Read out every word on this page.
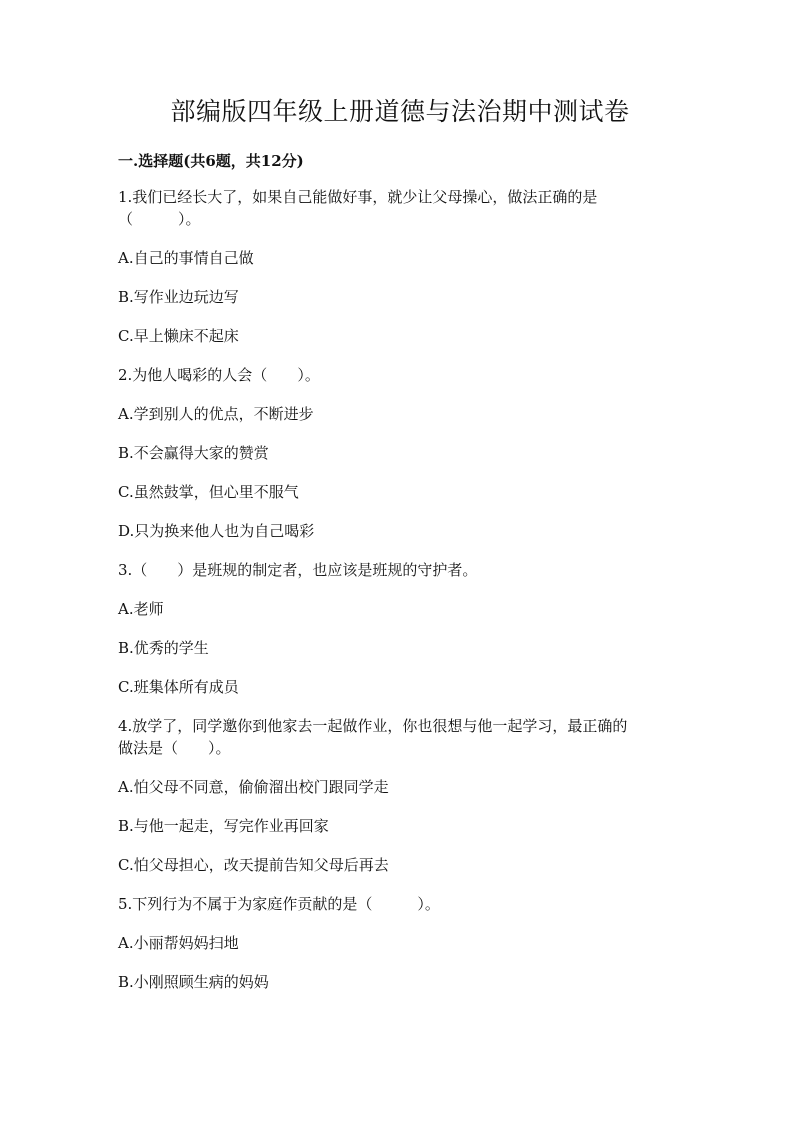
部编版四年级上册道德与法治期中测试卷
一.选择题(共6题，共12分)
1.我们已经长大了，如果自己能做好事，就少让父母操心，做法正确的是
（　　　）。
A.自己的事情自己做
B.写作业边玩边写
C.早上懒床不起床
2.为他人喝彩的人会（　　）。
A.学到别人的优点，不断进步
B.不会赢得大家的赞赏
C.虽然鼓掌，但心里不服气
D.只为换来他人也为自己喝彩
3.（　　）是班规的制定者，也应该是班规的守护者。
A.老师
B.优秀的学生
C.班集体所有成员
4.放学了，同学邀你到他家去一起做作业，你也很想与他一起学习，最正确的
做法是（　　）。
A.怕父母不同意，偷偷溜出校门跟同学走
B.与他一起走，写完作业再回家
C.怕父母担心，改天提前告知父母后再去
5.下列行为不属于为家庭作贡献的是（　　　）。
A.小丽帮妈妈扫地
B.小刚照顾生病的妈妈
